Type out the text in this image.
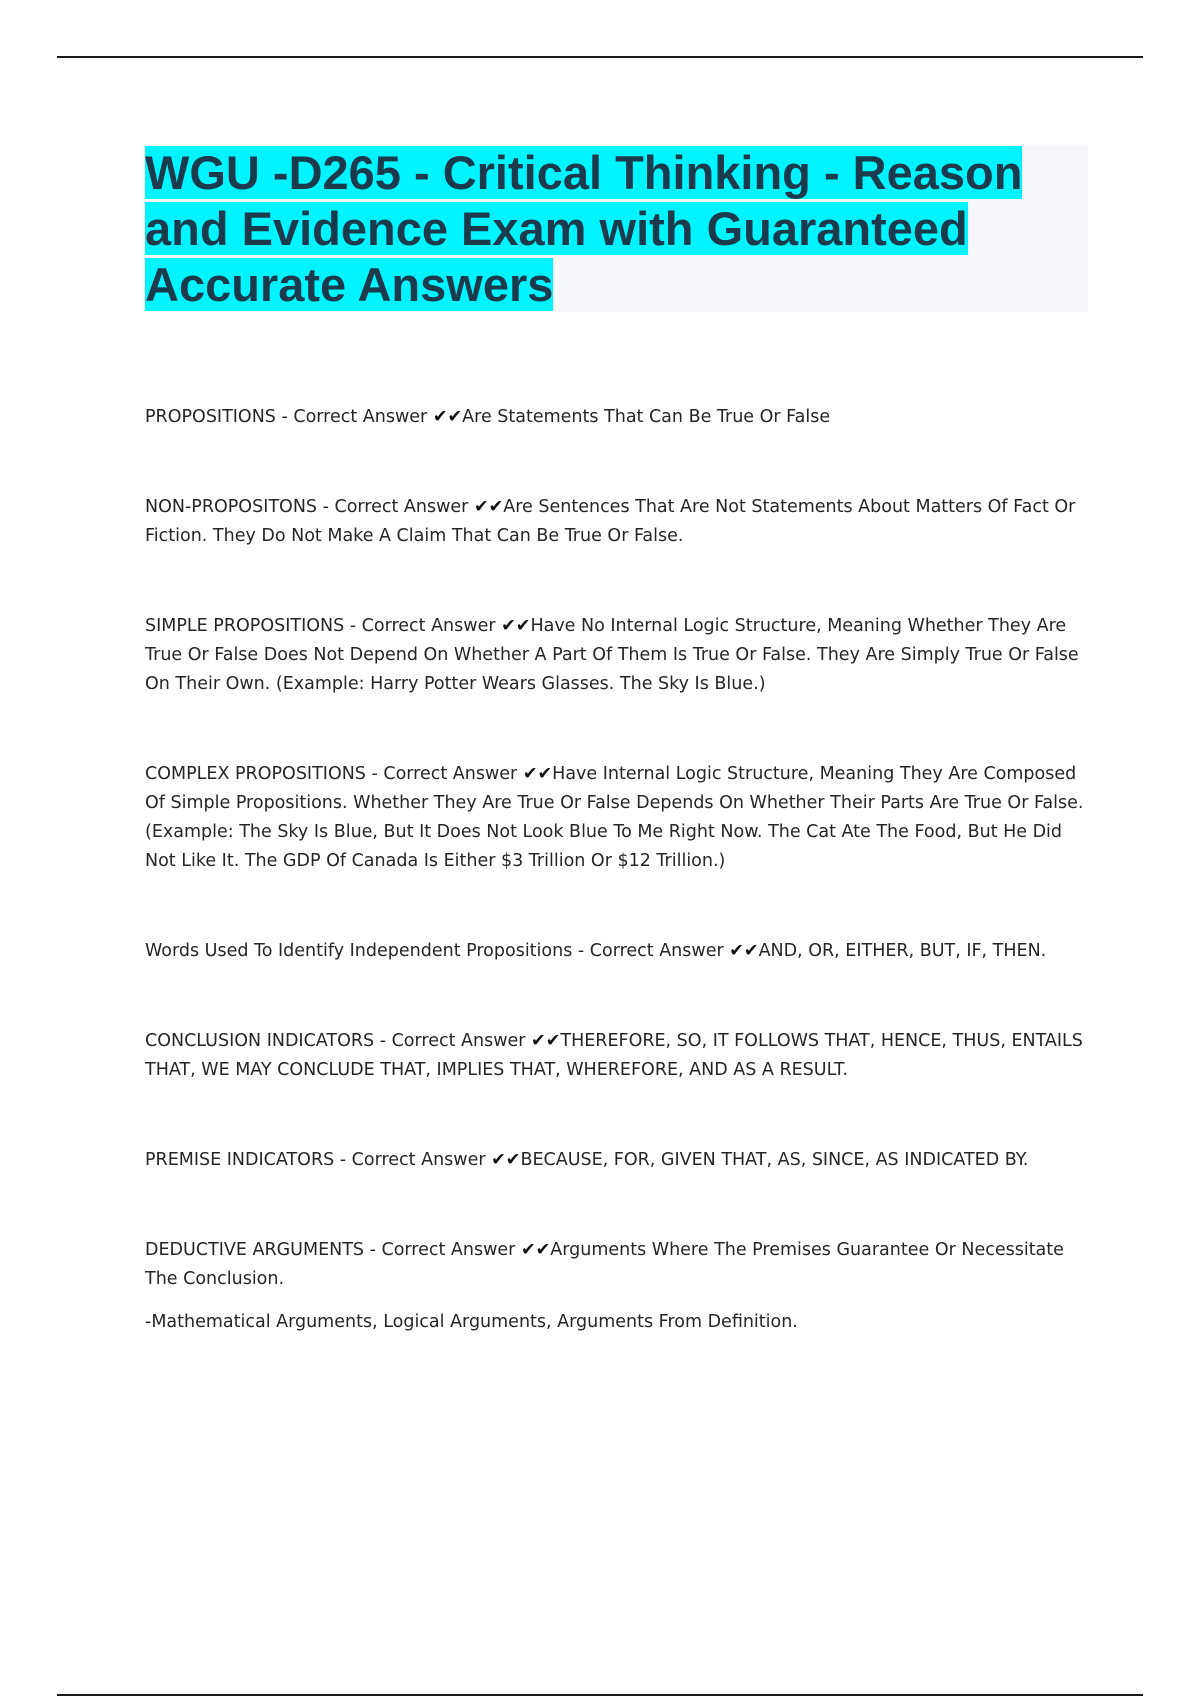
WGU -D265 - Critical Thinking - Reason and Evidence Exam with Guaranteed Accurate Answers

PROPOSITIONS - Correct Answer ✔✔Are Statements That Can Be True Or False

NON-PROPOSITONS - Correct Answer ✔✔Are Sentences That Are Not Statements About Matters Of Fact Or Fiction. They Do Not Make A Claim That Can Be True Or False.

SIMPLE PROPOSITIONS - Correct Answer ✔✔Have No Internal Logic Structure, Meaning Whether They Are True Or False Does Not Depend On Whether A Part Of Them Is True Or False. They Are Simply True Or False On Their Own. (Example: Harry Potter Wears Glasses. The Sky Is Blue.)

COMPLEX PROPOSITIONS - Correct Answer ✔✔Have Internal Logic Structure, Meaning They Are Composed Of Simple Propositions. Whether They Are True Or False Depends On Whether Their Parts Are True Or False. (Example: The Sky Is Blue, But It Does Not Look Blue To Me Right Now. The Cat Ate The Food, But He Did Not Like It. The GDP Of Canada Is Either $3 Trillion Or $12 Trillion.)

Words Used To Identify Independent Propositions - Correct Answer ✔✔AND, OR, EITHER, BUT, IF, THEN.

CONCLUSION INDICATORS - Correct Answer ✔✔THEREFORE, SO, IT FOLLOWS THAT, HENCE, THUS, ENTAILS THAT, WE MAY CONCLUDE THAT, IMPLIES THAT, WHEREFORE, AND AS A RESULT.

PREMISE INDICATORS - Correct Answer ✔✔BECAUSE, FOR, GIVEN THAT, AS, SINCE, AS INDICATED BY.

DEDUCTIVE ARGUMENTS - Correct Answer ✔✔Arguments Where The Premises Guarantee Or Necessitate The Conclusion.

-Mathematical Arguments, Logical Arguments, Arguments From Definition.
